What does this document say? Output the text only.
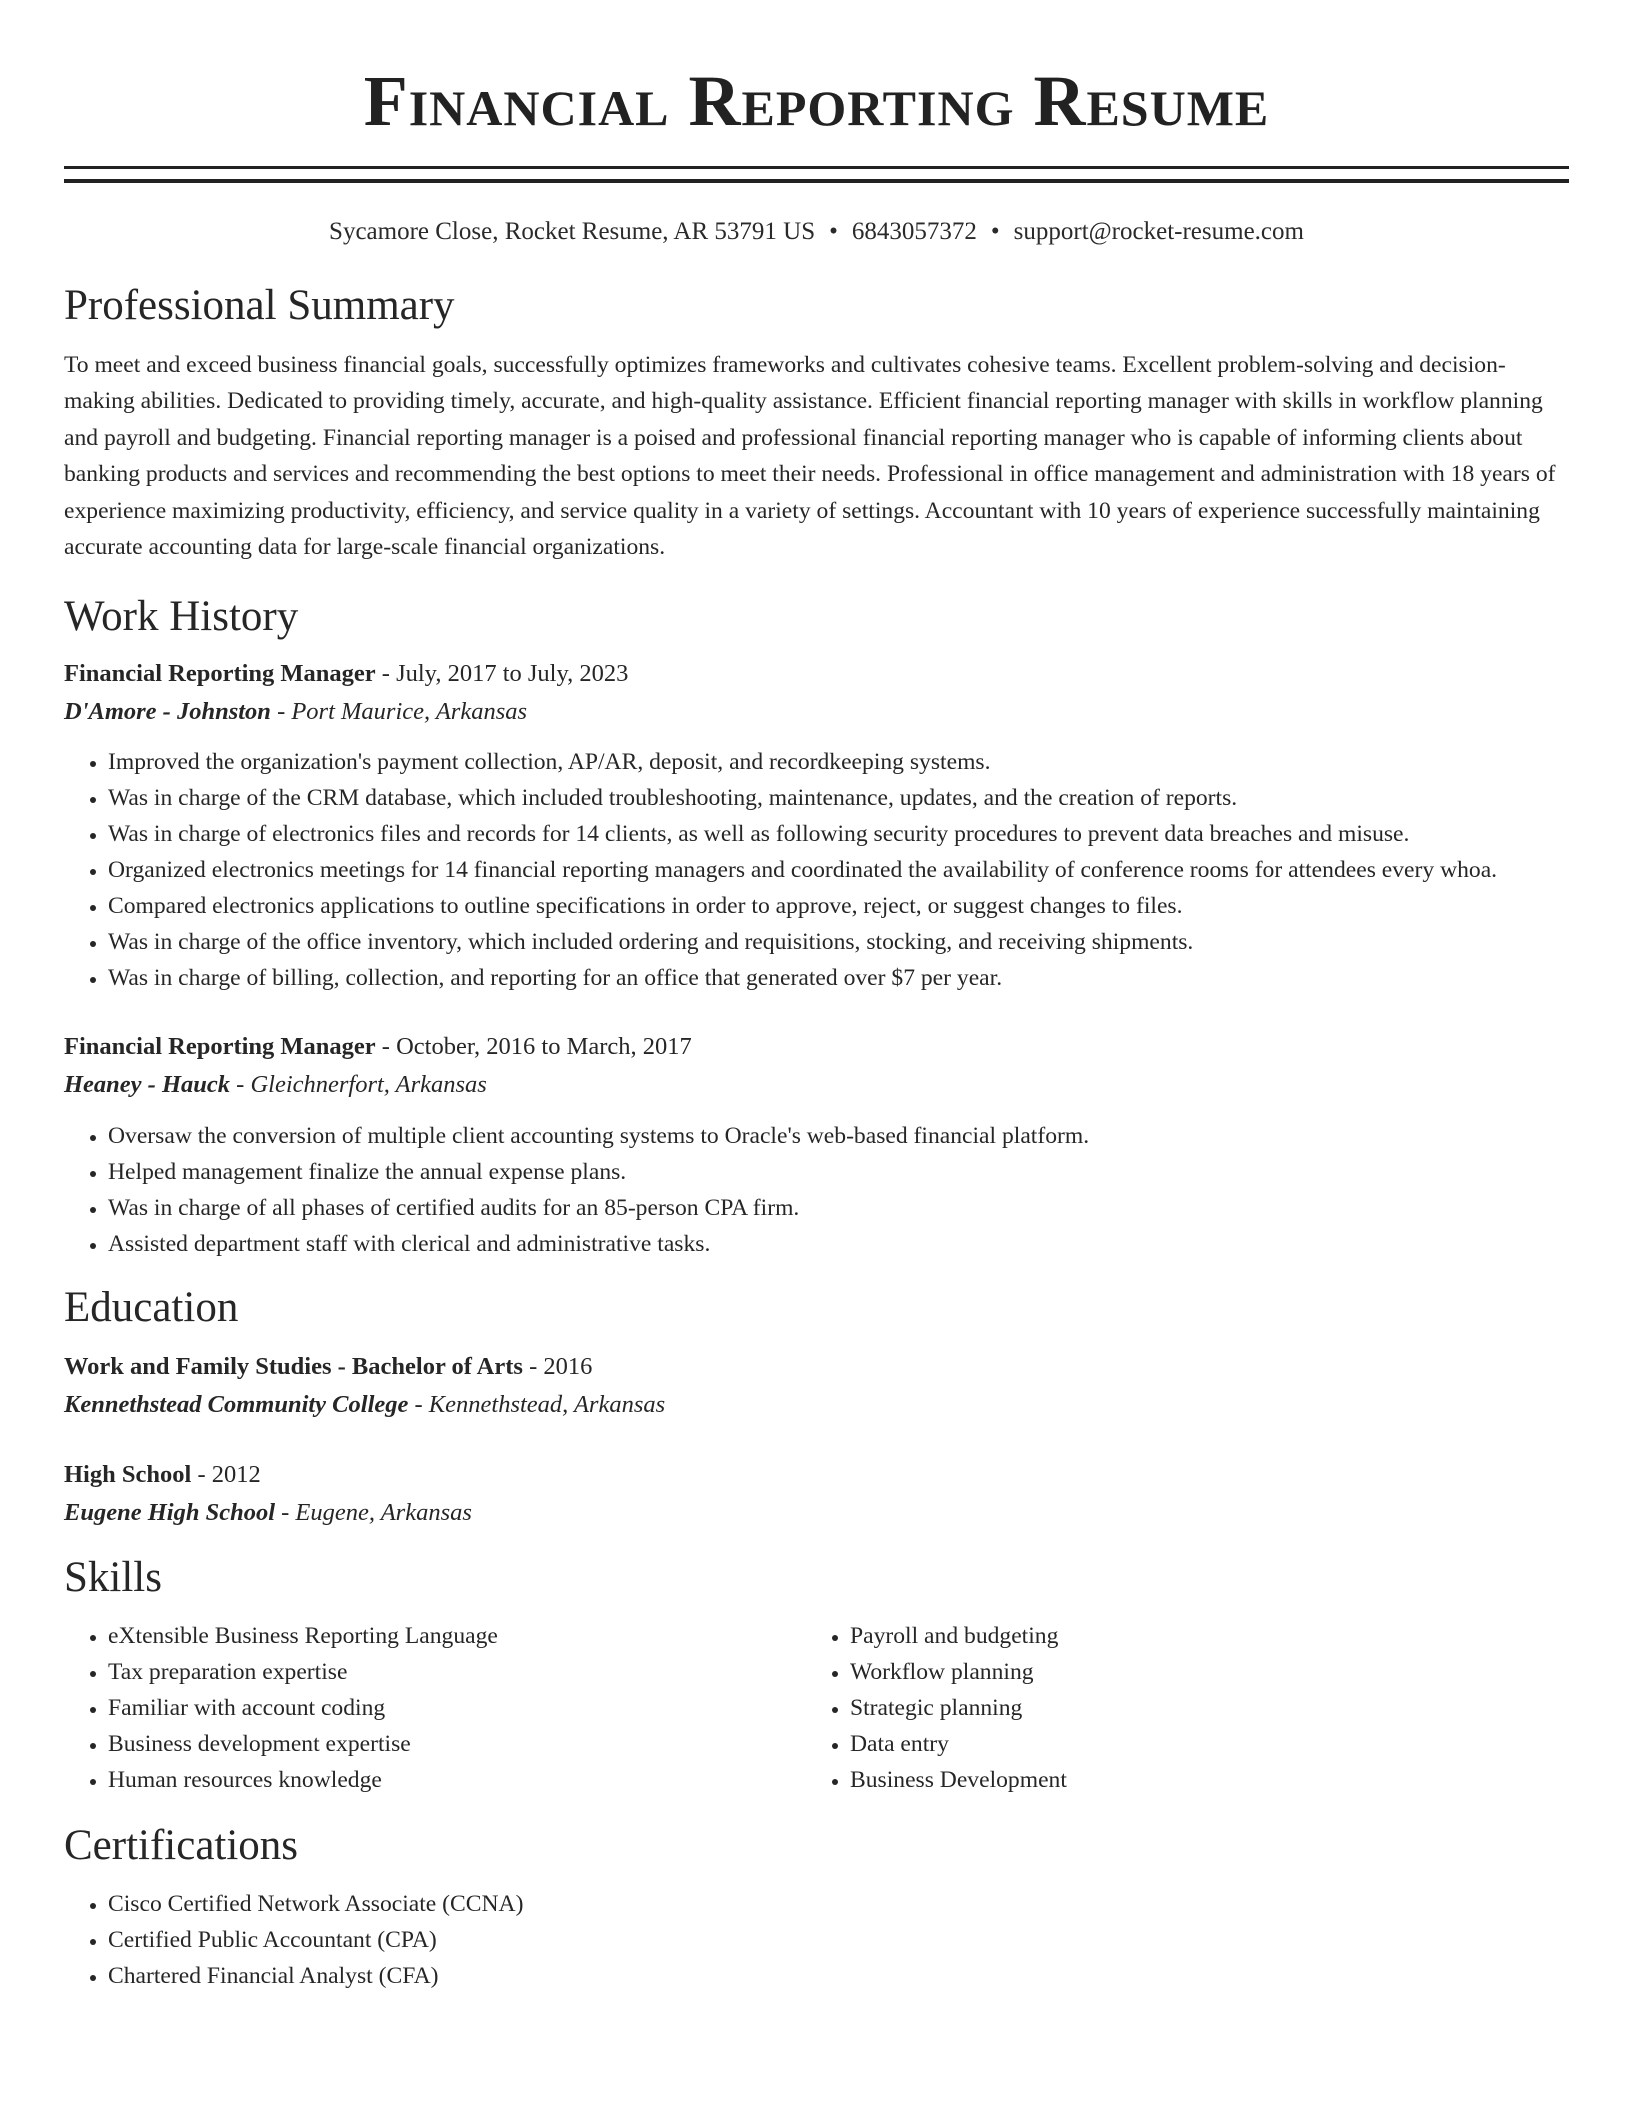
Financial Reporting Resume
Sycamore Close, Rocket Resume, AR 53791 US • 6843057372 • support@rocket-resume.com
Professional Summary
To meet and exceed business financial goals, successfully optimizes frameworks and cultivates cohesive teams. Excellent problem-solving and decision-making abilities. Dedicated to providing timely, accurate, and high-quality assistance. Efficient financial reporting manager with skills in workflow planning and payroll and budgeting. Financial reporting manager is a poised and professional financial reporting manager who is capable of informing clients about banking products and services and recommending the best options to meet their needs. Professional in office management and administration with 18 years of experience maximizing productivity, efficiency, and service quality in a variety of settings. Accountant with 10 years of experience successfully maintaining accurate accounting data for large-scale financial organizations.
Work History
Financial Reporting Manager - July, 2017 to July, 2023
D'Amore - Johnston - Port Maurice, Arkansas
• Improved the organization's payment collection, AP/AR, deposit, and recordkeeping systems.
• Was in charge of the CRM database, which included troubleshooting, maintenance, updates, and the creation of reports.
• Was in charge of electronics files and records for 14 clients, as well as following security procedures to prevent data breaches and misuse.
• Organized electronics meetings for 14 financial reporting managers and coordinated the availability of conference rooms for attendees every whoa.
• Compared electronics applications to outline specifications in order to approve, reject, or suggest changes to files.
• Was in charge of the office inventory, which included ordering and requisitions, stocking, and receiving shipments.
• Was in charge of billing, collection, and reporting for an office that generated over $7 per year.
Financial Reporting Manager - October, 2016 to March, 2017
Heaney - Hauck - Gleichnerfort, Arkansas
• Oversaw the conversion of multiple client accounting systems to Oracle's web-based financial platform.
• Helped management finalize the annual expense plans.
• Was in charge of all phases of certified audits for an 85-person CPA firm.
• Assisted department staff with clerical and administrative tasks.
Education
Work and Family Studies - Bachelor of Arts - 2016
Kennethstead Community College - Kennethstead, Arkansas
High School - 2012
Eugene High School - Eugene, Arkansas
Skills
• eXtensible Business Reporting Language
• Tax preparation expertise
• Familiar with account coding
• Business development expertise
• Human resources knowledge
• Payroll and budgeting
• Workflow planning
• Strategic planning
• Data entry
• Business Development
Certifications
• Cisco Certified Network Associate (CCNA)
• Certified Public Accountant (CPA)
• Chartered Financial Analyst (CFA)
